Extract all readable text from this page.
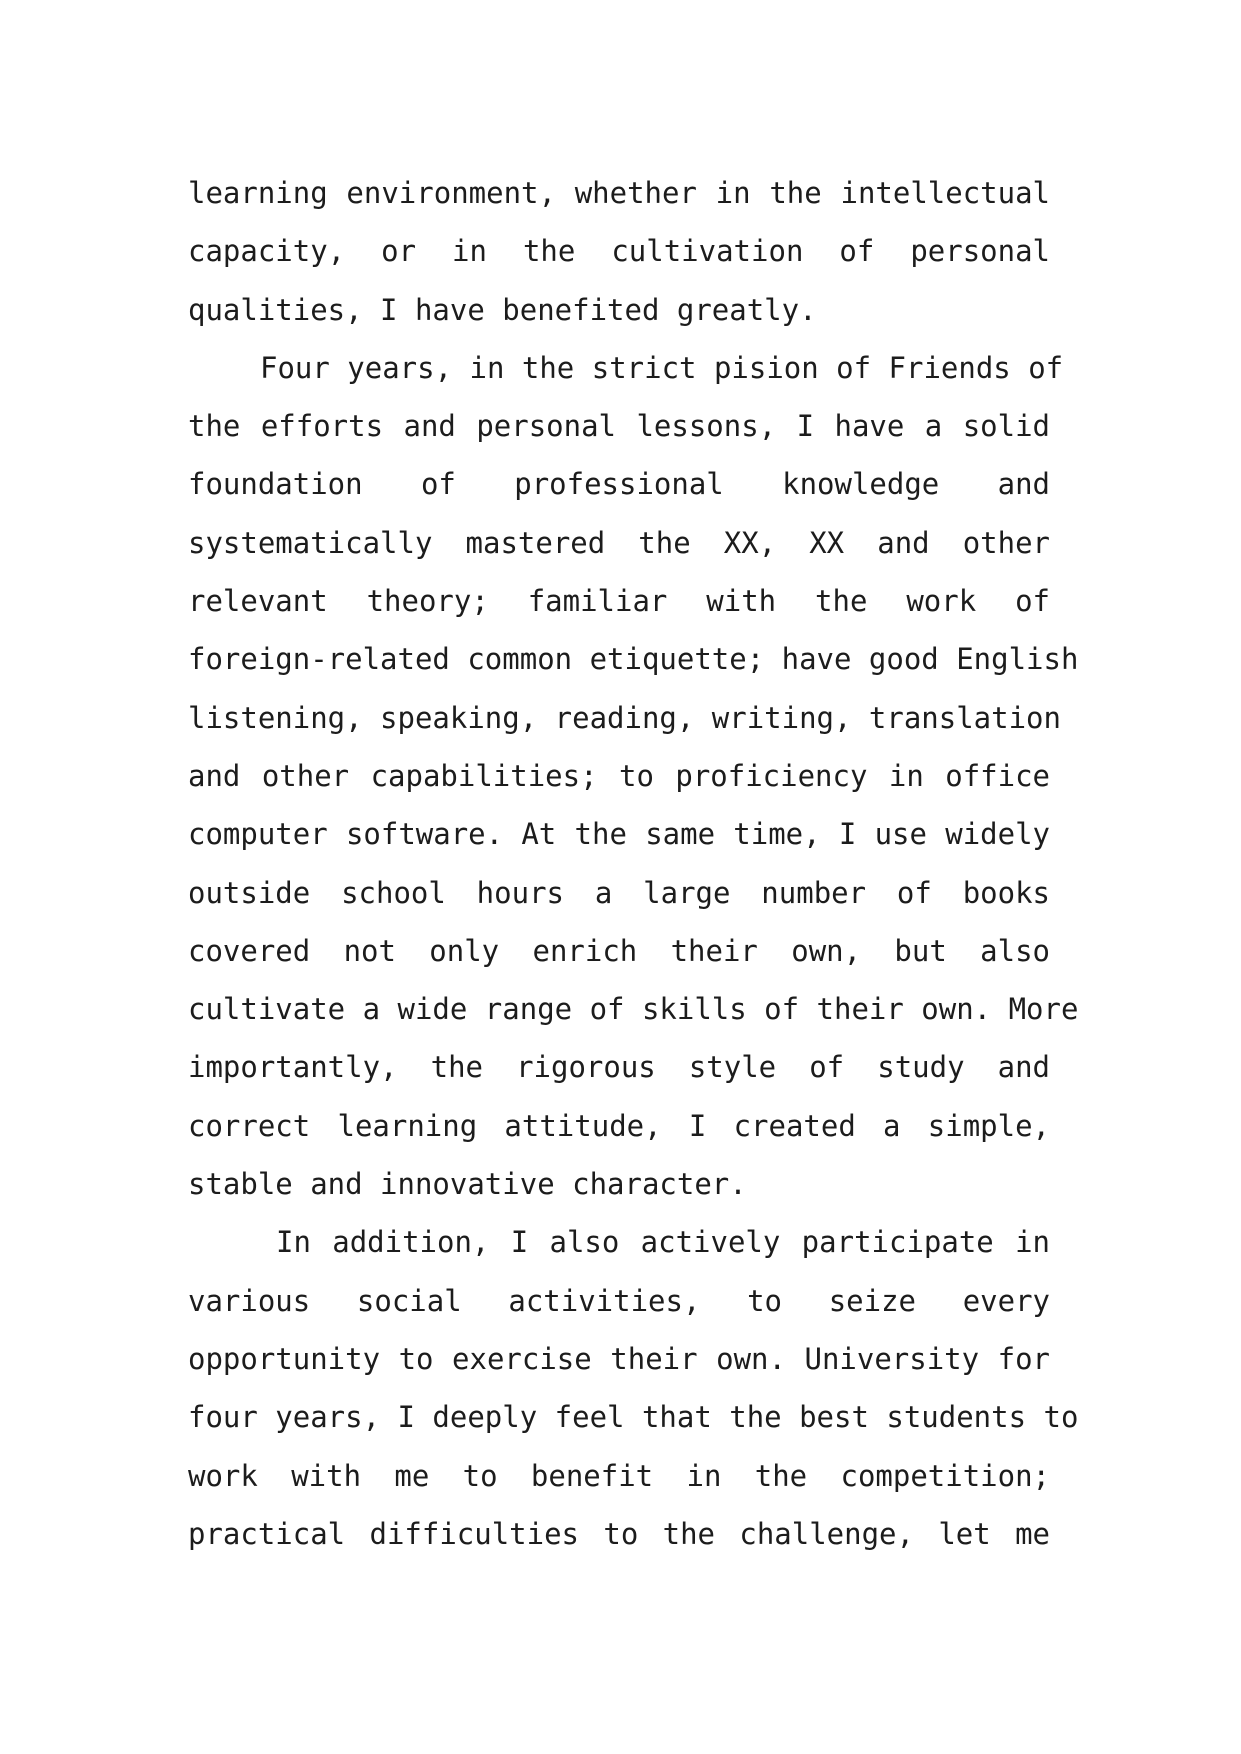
learning environment, whether in the intellectual
capacity, or in the cultivation of personal
qualities, I have benefited greatly.
Four years, in the strict pision of Friends of
the efforts and personal lessons, I have a solid
foundation of professional knowledge and
systematically mastered the XX, XX and other
relevant theory; familiar with the work of
foreign-related common etiquette; have good English
listening, speaking, reading, writing, translation
and other capabilities; to proficiency in office
computer software. At the same time, I use widely
outside school hours a large number of books
covered not only enrich their own, but also
cultivate a wide range of skills of their own. More
importantly, the rigorous style of study and
correct learning attitude, I created a simple,
stable and innovative character.
In addition, I also actively participate in
various social activities, to seize every
opportunity to exercise their own. University for
four years, I deeply feel that the best students to
work with me to benefit in the competition;
practical difficulties to the challenge, let me
